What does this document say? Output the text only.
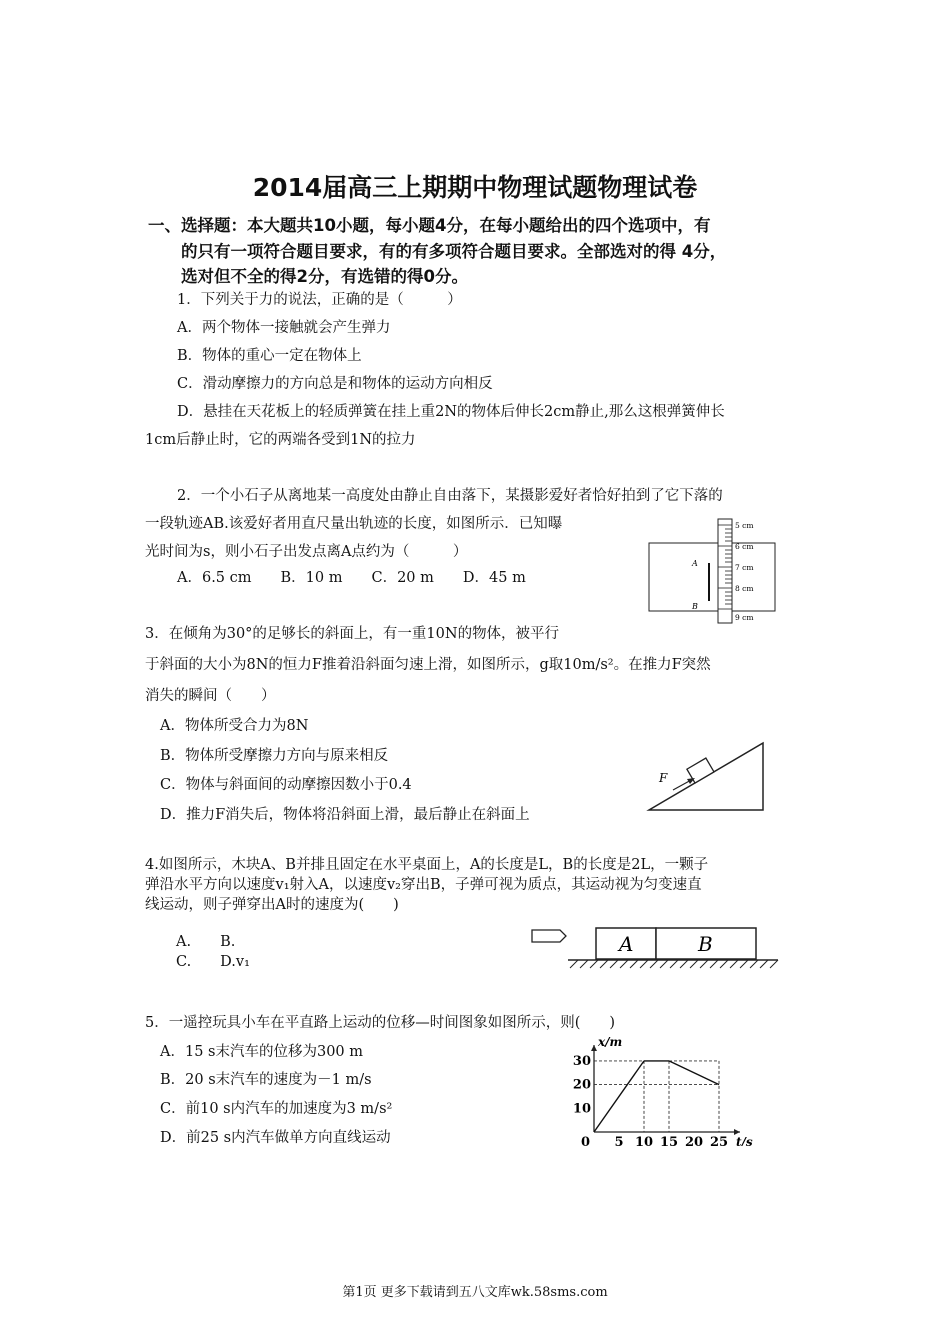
2014届高三上期期中物理试题物理试卷
一、选择题：本大题共10小题，每小题4分，在每小题给出的四个选项中，有
的只有一项符合题目要求，有的有多项符合题目要求。全部选对的得 4分，
选对但不全的得2分，有选错的得0分。
1．下列关于力的说法，正确的是（　　　）
A．两个物体一接触就会产生弹力
B．物体的重心一定在物体上
C．滑动摩擦力的方向总是和物体的运动方向相反
D．悬挂在天花板上的轻质弹簧在挂上重2N的物体后伸长2cm静止,那么这根弹簧伸长
1cm后静止时，它的两端各受到1N的拉力
2．一个小石子从离地某一高度处由静止自由落下，某摄影爱好者恰好拍到了它下落的
一段轨迹AB.该爱好者用直尺量出轨迹的长度，如图所示．已知曝
光时间为s，则小石子出发点离A点约为（　　　）
A．6.5 cm　　B．10 m　　C．20 m　　D．45 m
A
B
5 cm
6 cm
7 cm
8 cm
9 cm
3．在倾角为30°的足够长的斜面上，有一重10N的物体，被平行
于斜面的大小为8N的恒力F推着沿斜面匀速上滑，如图所示，g取10m/s²。在推力F突然
消失的瞬间（　　）
A．物体所受合力为8N
B．物体所受摩擦力方向与原来相反
C．物体与斜面间的动摩擦因数小于0.4
D．推力F消失后，物体将沿斜面上滑，最后静止在斜面上
F
4.如图所示，木块A、B并排且固定在水平桌面上，A的长度是L，B的长度是2L，一颗子
弹沿水平方向以速度v₁射入A，以速度v₂穿出B，子弹可视为质点，其运动视为匀变速直
线运动，则子弹穿出A时的速度为(　　)
A.　　B.
C.　　D.v₁
A	B
5．一遥控玩具小车在平直路上运动的位移—时间图象如图所示，则(　　)
A．15 s末汽车的位移为300 m
B．20 s末汽车的速度为－1 m/s
C．前10 s内汽车的加速度为3 m/s²
D．前25 s内汽车做单方向直线运动	5 10 15 20 25
10
20
30
0	t/s
x/m
第1页 更多下载请到五八文库wk.58sms.com
